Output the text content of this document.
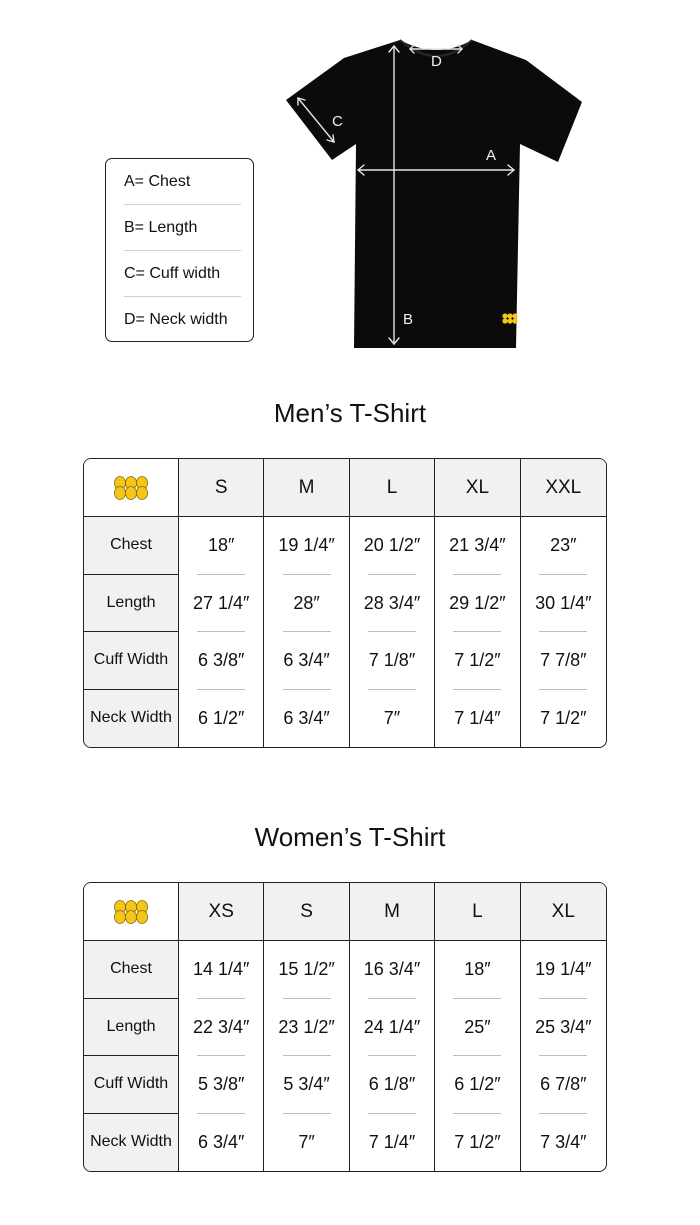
A= Chest
B= Length
C= Cuff width
D= Neck width
D
B
A
C
Men’s T-Shirt
S	M	L	XL	XXL
Chest	18″ 19 1/4″ 20 1/2″ 21 3/4″ 23″
Length	27 1/4″ 28″ 28 3/4″ 29 1/2″ 30 1/4″
Cuff Width	6 3/8″ 6 3/4″ 7 1/8″ 7 1/2″ 7 7/8″
Neck Width	6 1/2″ 6 3/4″	7″	7 1/4″ 7 1/2″
Women’s T-Shirt
XS	S	M	L	XL
Chest	14 1/4″ 15 1/2″ 16 3/4″ 18″ 19 1/4″
Length	22 3/4″ 23 1/2″ 24 1/4″ 25″ 25 3/4″
Cuff Width	5 3/8″ 5 3/4″ 6 1/8″ 6 1/2″ 6 7/8″
Neck Width	6 3/4″	7″	7 1/4″ 7 1/2″ 7 3/4″
